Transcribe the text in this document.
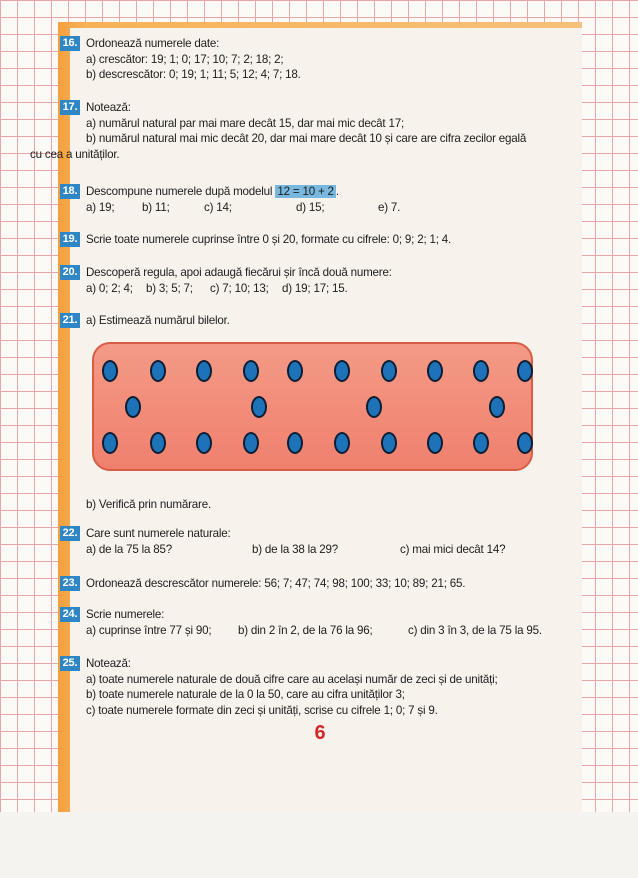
16. Ordonează numerele date:
a) crescător: 19; 1; 0; 17; 10; 7; 2; 18; 2;
b) descrescător: 0; 19; 1; 11; 5; 12; 4; 7; 18.
17. Notează:
a) numărul natural par mai mare decât 15, dar mai mic decât 17;
b) numărul natural mai mic decât 20, dar mai mare decât 10 și care are cifra zecilor egală
cu cea a unităților.
18. Descompune numerele după modelul 12 = 10 + 2 .
a) 19; b) 11;	c) 14;	d) 15;	e) 7.
19. Scrie toate numerele cuprinse între 0 și 20, formate cu cifrele: 0; 9; 2; 1; 4.
20. Descoperă regula, apoi adaugă fiecărui șir încă două numere:
a) 0; 2; 4; b) 3; 5; 7; c) 7; 10; 13; d) 19; 17; 15.
21. a) Estimează numărul bilelor.
b) Verifică prin numărare.
22. Care sunt numerele naturale:
a) de la 75 la 85?	b) de la 38 la 29?	c) mai mici decât 14?
23. Ordonează descrescător numerele: 56; 7; 47; 74; 98; 100; 33; 10; 89; 21; 65.
24. Scrie numerele:
a) cuprinse între 77 și 90; b) din 2 în 2, de la 76 la 96;	c) din 3 în 3, de la 75 la 95.
25. Notează:
a) toate numerele naturale de două cifre care au același număr de zeci și de unități;
b) toate numerele naturale de la 0 la 50, care au cifra unităților 3;
c) toate numerele formate din zeci și unități, scrise cu cifrele 1; 0; 7 și 9.
6
